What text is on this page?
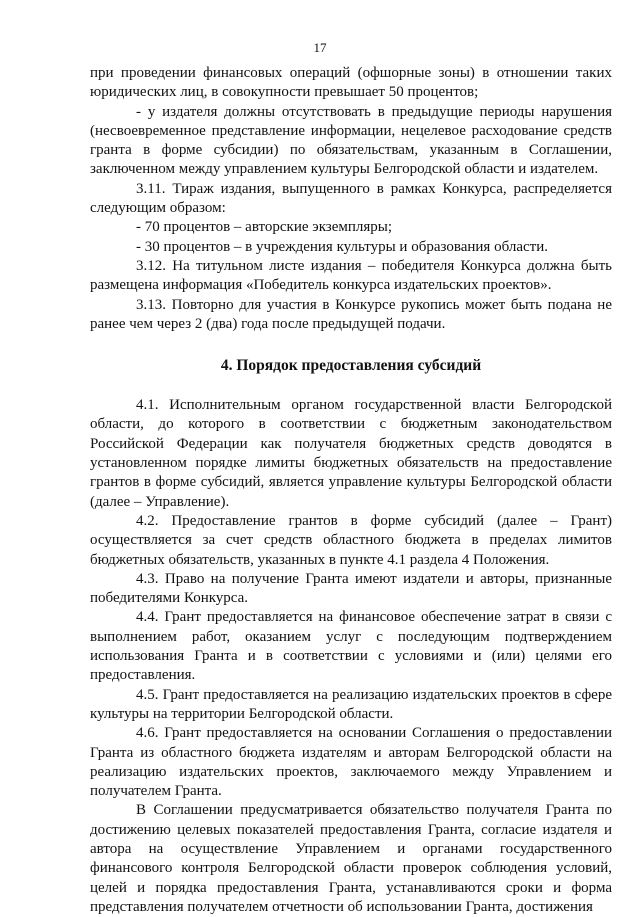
17

при проведении финансовых операций (офшорные зоны) в отношении таких юридических лиц, в совокупности превышает 50 процентов;

- у издателя должны отсутствовать в предыдущие периоды нарушения (несвоевременное представление информации, нецелевое расходование средств гранта в форме субсидии) по обязательствам, указанным в Соглашении, заключенном между управлением культуры Белгородской области и издателем.

3.11. Тираж издания, выпущенного в рамках Конкурса, распределяется следующим образом:

- 70 процентов – авторские экземпляры;

- 30 процентов – в учреждения культуры и образования области.

3.12. На титульном листе издания – победителя Конкурса должна быть размещена информация «Победитель конкурса издательских проектов».

3.13. Повторно для участия в Конкурсе рукопись может быть подана не ранее чем через 2 (два) года после предыдущей подачи.

4. Порядок предоставления субсидий

4.1. Исполнительным органом государственной власти Белгородской области, до которого в соответствии с бюджетным законодательством Российской Федерации как получателя бюджетных средств доводятся в установленном порядке лимиты бюджетных обязательств на предоставление грантов в форме субсидий, является управление культуры Белгородской области (далее – Управление).

4.2. Предоставление грантов в форме субсидий (далее – Грант) осуществляется за счет средств областного бюджета в пределах лимитов бюджетных обязательств, указанных в пункте 4.1 раздела 4 Положения.

4.3. Право на получение Гранта имеют издатели и авторы, признанные победителями Конкурса.

4.4. Грант предоставляется на финансовое обеспечение затрат в связи с выполнением работ, оказанием услуг с последующим подтверждением использования Гранта и в соответствии с условиями и (или) целями его предоставления.

4.5. Грант предоставляется на реализацию издательских проектов в сфере культуры на территории Белгородской области.

4.6. Грант предоставляется на основании Соглашения о предоставлении Гранта из областного бюджета издателям и авторам Белгородской области на реализацию издательских проектов, заключаемого между Управлением и получателем Гранта.

В Соглашении предусматривается обязательство получателя Гранта по достижению целевых показателей предоставления Гранта, согласие издателя и автора на осуществление Управлением и органами государственного финансового контроля Белгородской области проверок соблюдения условий, целей и порядка предоставления Гранта, устанавливаются сроки и форма представления получателем отчетности об использовании Гранта, достижения
